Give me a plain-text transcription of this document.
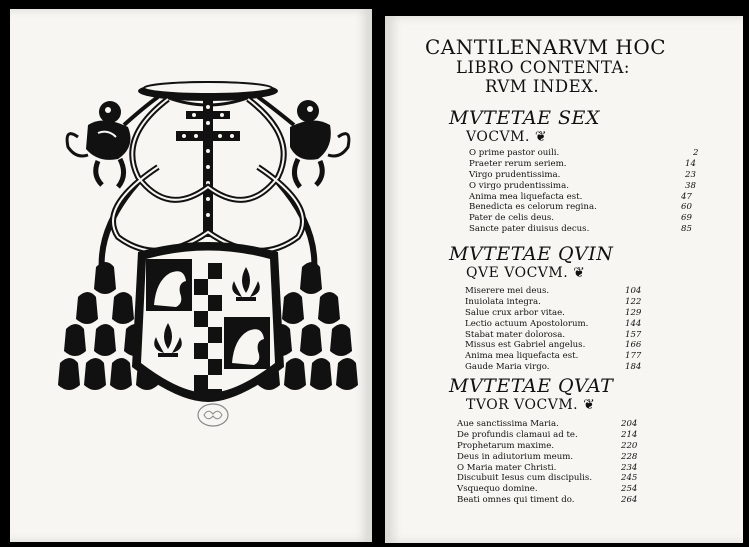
CANTILENARVM HOC
LIBRO CONTENTA:
RVM INDEX.
MVTETAE SEX
VOCVM. ❦
O prime pastor ouili.	2
Praeter rerum seriem.	14
Virgo prudentissima.	23
O virgo prudentissima.	38
Anima mea liquefacta est.	47
Benedicta es celorum regina.	60
Pater de celis deus.	69
Sancte pater diuisus decus.	85
MVTETAE QVIN
QVE VOCVM. ❦
Miserere mei deus.	104
Inuiolata integra.	122
Salue crux arbor vitae.	129
Lectio actuum Apostolorum.	144
Stabat mater dolorosa.	157
Missus est Gabriel angelus.	166
Anima mea liquefacta est.	177
Gaude Maria virgo.	184
MVTETAE QVAT
TVOR VOCVM. ❦
Aue sanctissima Maria.	204
De profundis clamaui ad te.	214
Prophetarum maxime.	220
Deus in adiutorium meum.	228
O Maria mater Christi.	234
Discubuit Iesus cum discipulis.	245
Vsquequo domine.	254
Beati omnes qui timent do.	264
